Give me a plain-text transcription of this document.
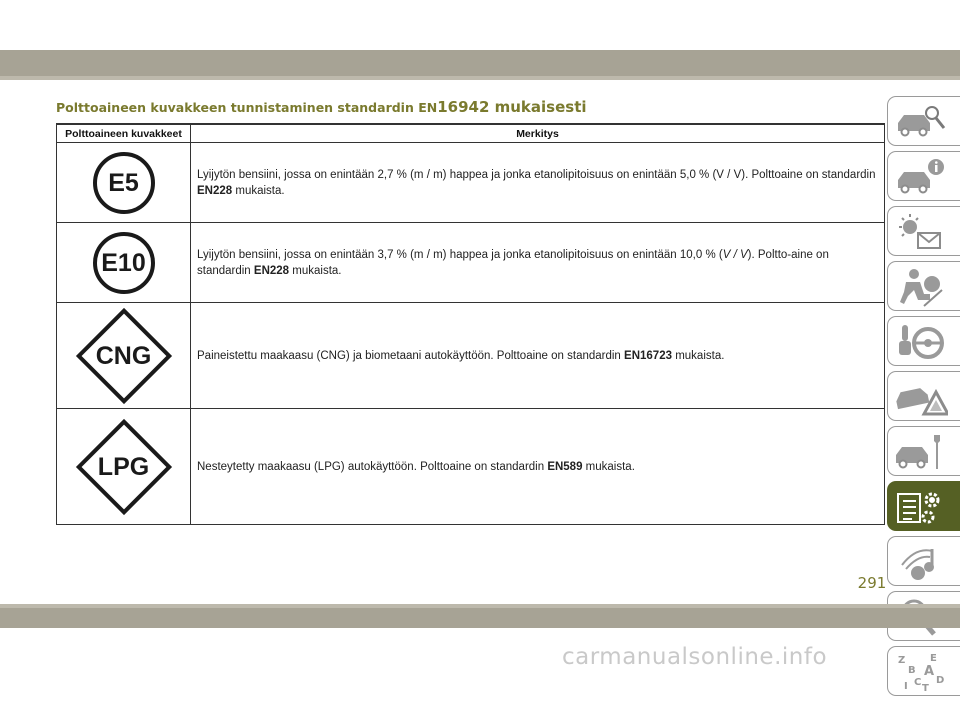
Polttoaineen kuvakkeen tunnistaminen standardin EN16942 mukaisesti
Polttoaineen kuvakkeet	Merkitys
E5	Lyijytön bensiini, jossa on enintään 2,7 % (m / m) happea ja jonka etanolipitoisuus on enintään 5,0 % (V / V). Polttoaine on standardin EN228 mukaista.
E10	Lyijytön bensiini, jossa on enintään 3,7 % (m / m) happea ja jonka etanolipitoisuus on enintään 10,0 % (V / V). Poltto-aine on standardin EN228 mukaista.

CNG	Paineistettu maakaasu (CNG) ja biometaani autokäyttöön. Polttoaine on standardin EN16723 mukaista.

LPG	Nesteytetty maakaasu (LPG) autokäyttöön. Polttoaine on standardin EN589 mukaista.
Z E
B A
C D
I T
291
carmanualsonline.info
